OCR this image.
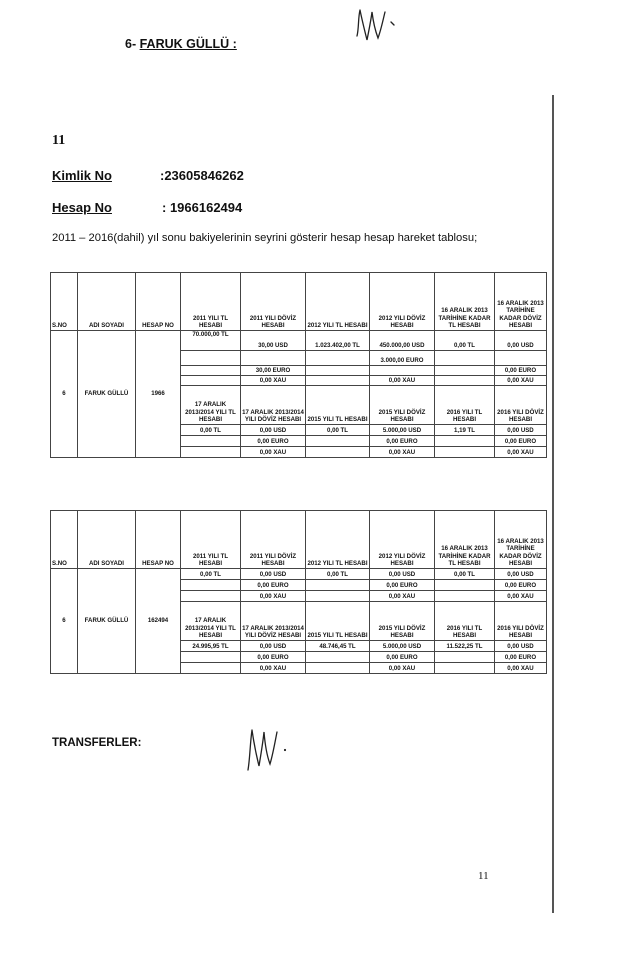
6- FARUK GÜLLÜ :
11
Kimlik No	:23605846262
Hesap No	: 1966162494
2011 – 2016(dahil) yıl sonu bakiyelerinin seyrini gösterir hesap hesap hareket tablosu;
S.NO	ADI SOYADI	HESAP NO	2011 YILI TL HESABI	2011 YILI DÖVİZ HESABI	2012 YILI TL HESABI	2012 YILI DÖVİZ HESABI	16 ARALIK 2013 TARİHİNE KADAR TL HESABI	16 ARALIK 2013 TARİHİNE KADAR DÖVİZ HESABI
6	FARUK GÜLLÜ	1966	70.000,00 TL	30,00 USD	1.023.402,00 TL	450.000,00 USD	0,00 TL	0,00 USD
						3.000,00 EURO		
				30,00 EURO				0,00 EURO
				0,00 XAU		0,00 XAU		0,00 XAU
			17 ARALIK 2013/2014 YILI TL HESABI	17 ARALIK 2013/2014 YILI DÖVİZ HESABI	2015 YILI TL HESABI	2015 YILI DÖVİZ HESABI	2016 YILI TL HESABI	2016 YILI DÖVİZ HESABI
			0,00 TL	0,00 USD	0,00 TL	5.000,00 USD	1,19 TL	0,00 USD
				0,00 EURO		0,00 EURO		0,00 EURO
				0,00 XAU		0,00 XAU		0,00 XAU
S.NO	ADI SOYADI	HESAP NO	2011 YILI TL HESABI	2011 YILI DÖVİZ HESABI	2012 YILI TL HESABI	2012 YILI DÖVİZ HESABI	16 ARALIK 2013 TARİHİNE KADAR TL HESABI	16 ARALIK 2013 TARİHİNE KADAR DÖVİZ HESABI
6	FARUK GÜLLÜ	162494	0,00 TL	0,00 USD	0,00 TL	0,00 USD	0,00 TL	0,00 USD
				0,00 EURO		0,00 EURO		0,00 EURO
				0,00 XAU		0,00 XAU		0,00 XAU
			17 ARALIK 2013/2014 YILI TL HESABI	17 ARALIK 2013/2014 YILI DÖVİZ HESABI	2015 YILI TL HESABI	2015 YILI DÖVİZ HESABI	2016 YILI TL HESABI	2016 YILI DÖVİZ HESABI
			24.995,95 TL	0,00 USD	48.746,45 TL	5.000,00 USD	11.522,25 TL	0,00 USD
				0,00 EURO		0,00 EURO		0,00 EURO
				0,00 XAU		0,00 XAU		0,00 XAU
TRANSFERLER:
11
